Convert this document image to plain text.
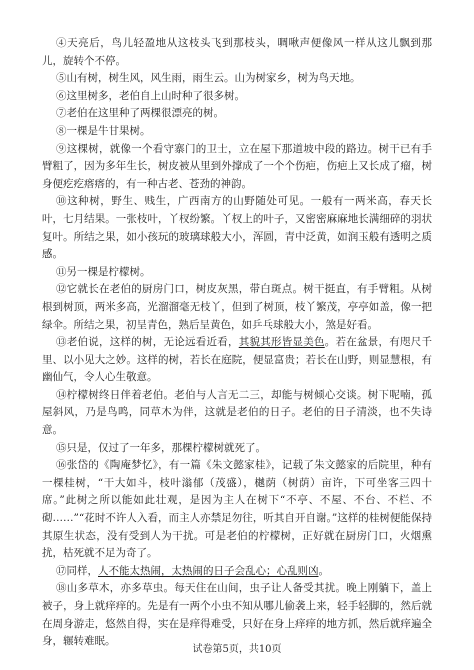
④天亮后，鸟儿轻盈地从这枝头飞到那枝头，啁啾声便像风一样从这儿飘到那儿，旋转个不停。

⑤山有树，树生风，风生雨，雨生云。山为树家乡，树为鸟天地。

⑥这里树多，老伯自上山时种了很多树。

⑦老伯在这里种了两棵很漂亮的树。

⑧一棵是牛甘果树。

⑨这棵树，就像一个看守寨门的卫士，立在屋下那道坡中段的路边。树干已有手臂粗了，因为多年生长，树皮被从里到外撑成了一个个伤疤，伤疤上又长成了瘤，树身便疙疙瘩瘩的，有一种古老、苍劲的神韵。

⑩这种树，野生、贱生，广西南方的山野随处可见。一般有一两米高，春天长叶，七月结果。一张枝叶，丫杈纷繁。丫杈上的叶子，又密密麻麻地长满细碎的羽状复叶。所结之果，如小孩玩的玻璃球般大小，浑圆，青中泛黄，如润玉般有透明之质感。

⑪另一棵是柠檬树。

⑫它就长在老伯的厨房门口，树皮灰黑，带白斑点。树干挺直，有手臂粗。从树根到树顶，两米多高，光溜溜毫无枝丫，但到了树顶，枝丫繁茂，亭亭如盖，像一把绿伞。所结之果，初呈青色，熟后呈黄色，如乒乓球般大小，煞是好看。

⑬老伯说，这样的树，无论远看近看，其貌其形皆显美色。若在盆景，有咫尺千里、以小见大之妙。这样的树，若长在庭院，便显富贵；若长在山野，则显慧根，有幽仙气，令人心生敬意。

⑭柠檬树终日伴着老伯。老伯与人言无二三，却能与树倾心交谈。树下呢喃，孤屋斜风，乃是鸟鸣，同草木为伴，这就是老伯的日子。老伯的日子清淡，也不失诗意。

⑮只是，仅过了一年多，那棵柠檬树就死了。

⑯张岱的《陶庵梦忆》，有一篇《朱文懿家桂》，记载了朱文懿家的后院里，种有一棵桂树，“干大如斗，枝叶滃郁（茂盛），樾荫（树荫）亩许，下可坐客三四十席。”此树之所以能如此壮观，是因为主人在树下“不亭、不屋、不台、不栏、不砌……”“花时不许人入看，而主人亦禁足勿往，听其自开自谢。”这样的桂树便能保持其原生状态，没有受到人为干扰。可是老伯的柠檬树，正好就在厨房门口，火烟熏扰，枯死就不足为奇了。

⑰同样，人不能太热闹，太热闹的日子会乱心；心乱则凶。

⑱山多草木，亦多草虫。每天住在山间，虫子让人备受其扰。晚上刚躺下，盖上被子，身上就痒痒的。先是有一两个小虫不知从哪儿偷袭上来，轻手轻脚的，然后就在周身游走，悠然自得，实在是痒得难受，只好在身上痒痒的地方抓，然后就痒遍全身，辗转难眠。

试卷第5页，共10页
